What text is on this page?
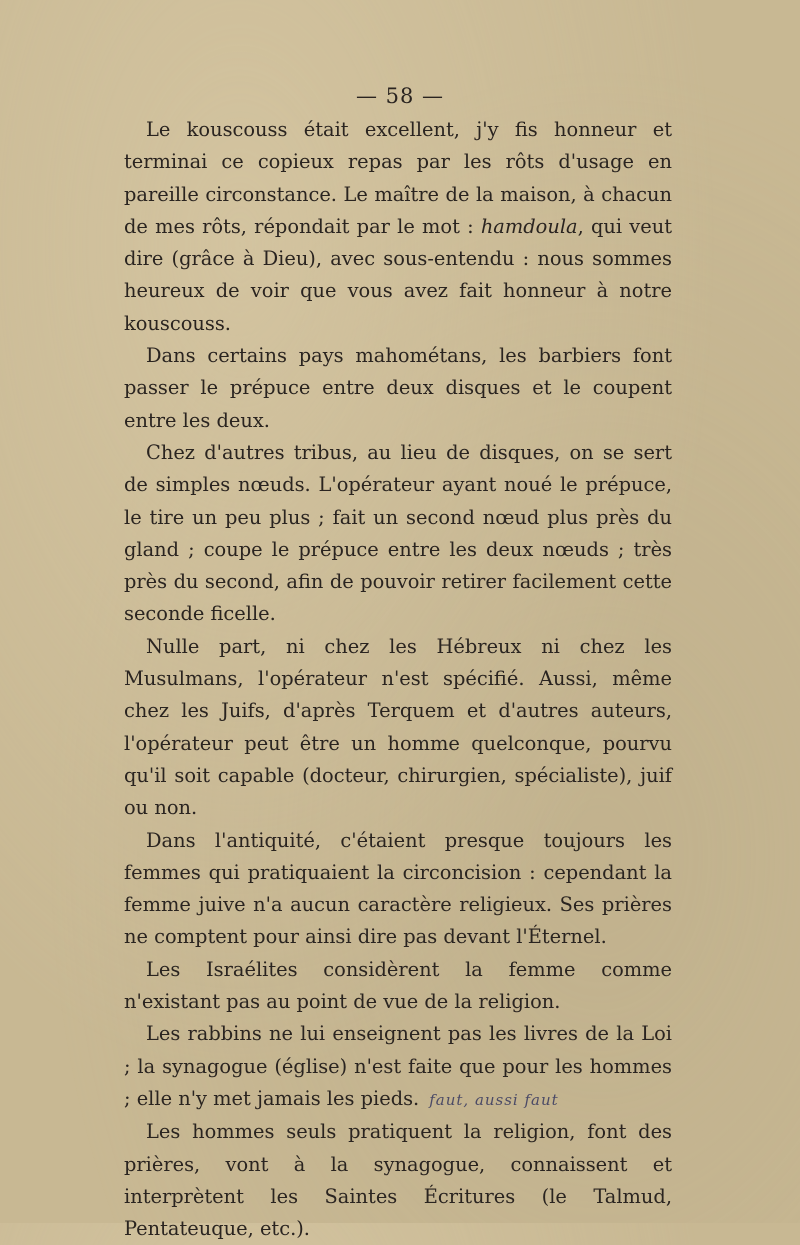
— 58 —

Le kouscouss était excellent, j'y fis honneur et terminai ce copieux repas par les rôts d'usage en pareille circonstance. Le maître de la maison, à chacun de mes rôts, répondait par le mot : hamdoula, qui veut dire (grâce à Dieu), avec sous-entendu : nous sommes heureux de voir que vous avez fait honneur à notre kouscouss.

Dans certains pays mahométans, les barbiers font passer le prépuce entre deux disques et le coupent entre les deux.

Chez d'autres tribus, au lieu de disques, on se sert de simples nœuds. L'opérateur ayant noué le prépuce, le tire un peu plus ; fait un second nœud plus près du gland ; coupe le prépuce entre les deux nœuds ; très près du second, afin de pouvoir retirer facilement cette seconde ficelle.

Nulle part, ni chez les Hébreux ni chez les Musulmans, l'opérateur n'est spécifié. Aussi, même chez les Juifs, d'après Terquem et d'autres auteurs, l'opérateur peut être un homme quelconque, pourvu qu'il soit capable (docteur, chirurgien, spécialiste), juif ou non.

Dans l'antiquité, c'étaient presque toujours les femmes qui pratiquaient la circoncision : cependant la femme juive n'a aucun caractère religieux. Ses prières ne comptent pour ainsi dire pas devant l'Éternel.

Les Israélites considèrent la femme comme n'existant pas au point de vue de la religion.

Les rabbins ne lui enseignent pas les livres de la Loi ; la synagogue (église) n'est faite que pour les hommes ; elle n'y met jamais les pieds. faut, aussi faut

Les hommes seuls pratiquent la religion, font des prières, vont à la synagogue, connaissent et interprètent les Saintes Écritures (le Talmud, Pentateuque, etc.).
